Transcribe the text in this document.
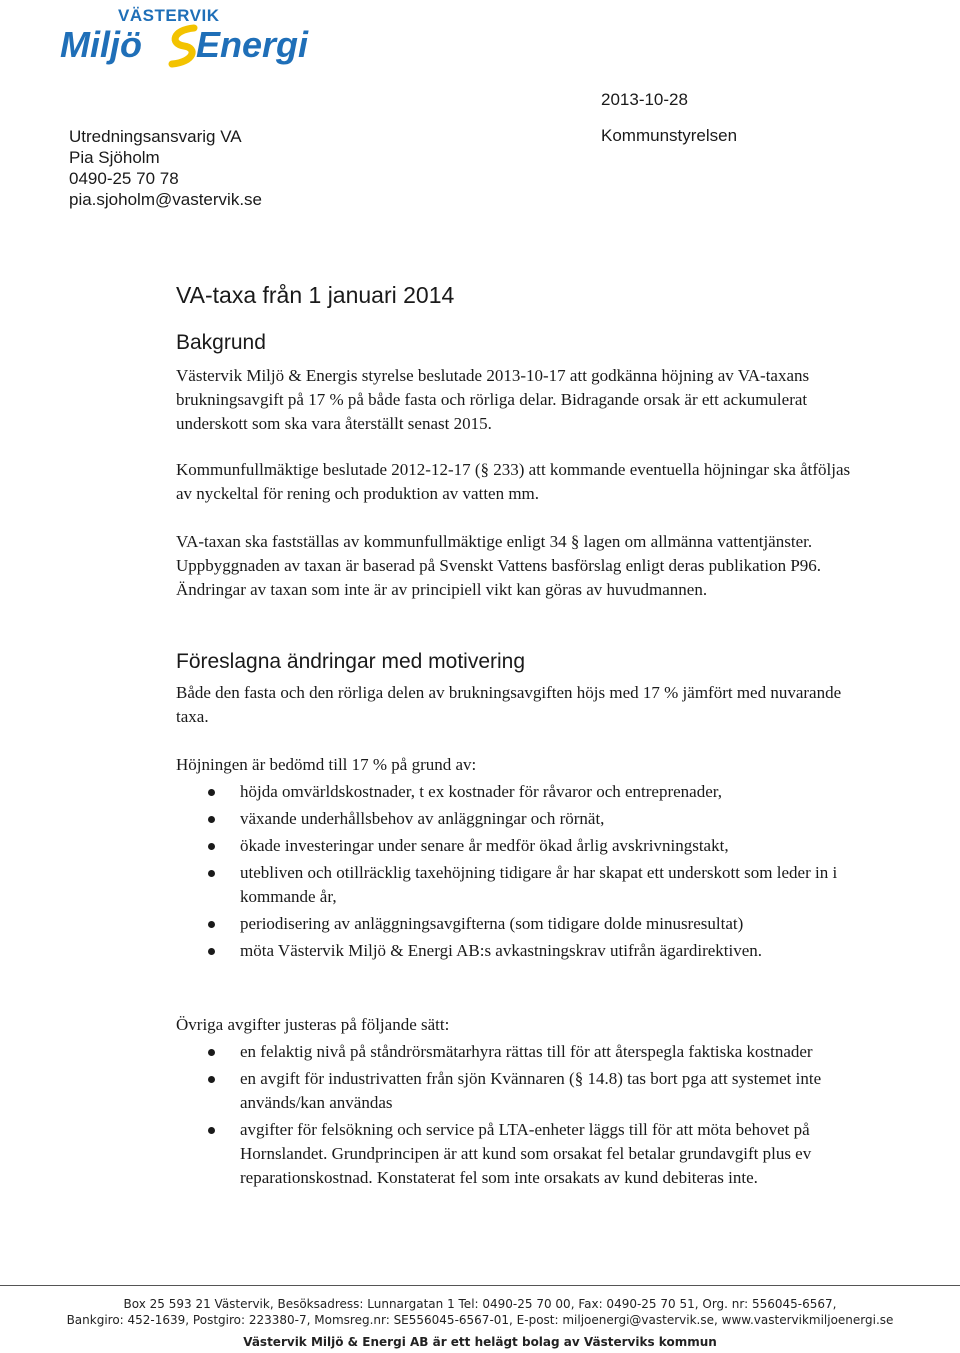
VÄSTERVIK
Miljö Energi
Utredningsansvarig VA
Pia Sjöholm
0490-25 70 78
pia.sjoholm@vastervik.se
2013-10-28
Kommunstyrelsen
VA-taxa från 1 januari 2014
Bakgrund

Västervik Miljö & Energis styrelse beslutade 2013-10-17 att godkänna höjning av VA-taxans brukningsavgift på 17 % på både fasta och rörliga delar. Bidragande orsak är ett ackumulerat underskott som ska vara återställt senast 2015.

Kommunfullmäktige beslutade 2012-12-17 (§ 233) att kommande eventuella höjningar ska åtföljas av nyckeltal för rening och produktion av vatten mm.

VA-taxan ska fastställas av kommunfullmäktige enligt 34 § lagen om allmänna vattentjänster. Uppbyggnaden av taxan är baserad på Svenskt Vattens basförslag enligt deras publikation P96. Ändringar av taxan som inte är av principiell vikt kan göras av huvudmannen.

Föreslagna ändringar med motivering

Både den fasta och den rörliga delen av brukningsavgiften höjs med 17 % jämfört med nuvarande taxa.

Höjningen är bedömd till 17 % på grund av:

höjda omvärldskostnader, t ex kostnader för råvaror och entreprenader,
växande underhållsbehov av anläggningar och rörnät,
ökade investeringar under senare år medför ökad årlig avskrivningstakt,
utebliven och otillräcklig taxehöjning tidigare år har skapat ett underskott som leder in i kommande år,
periodisering av anläggningsavgifterna (som tidigare dolde minusresultat)
möta Västervik Miljö & Energi AB:s avkastningskrav utifrån ägardirektiven.

Övriga avgifter justeras på följande sätt:

en felaktig nivå på ståndrörsmätarhyra rättas till för att återspegla faktiska kostnader
en avgift för industrivatten från sjön Kvännaren (§ 14.8) tas bort pga att systemet inte används/kan användas
avgifter för felsökning och service på LTA-enheter läggs till för att möta behovet på Hornslandet. Grundprincipen är att kund som orsakat fel betalar grundavgift plus ev reparationskostnad. Konstaterat fel som inte orsakats av kund debiteras inte.
Box 25 593 21 Västervik, Besöksadress: Lunnargatan 1 Tel: 0490-25 70 00, Fax: 0490-25 70 51, Org. nr: 556045-6567,
Bankgiro: 452-1639, Postgiro: 223380-7, Momsreg.nr: SE556045-6567-01, E-post: miljoenergi@vastervik.se, www.vastervikmiljoenergi.se
Västervik Miljö & Energi AB är ett helägt bolag av Västerviks kommun
